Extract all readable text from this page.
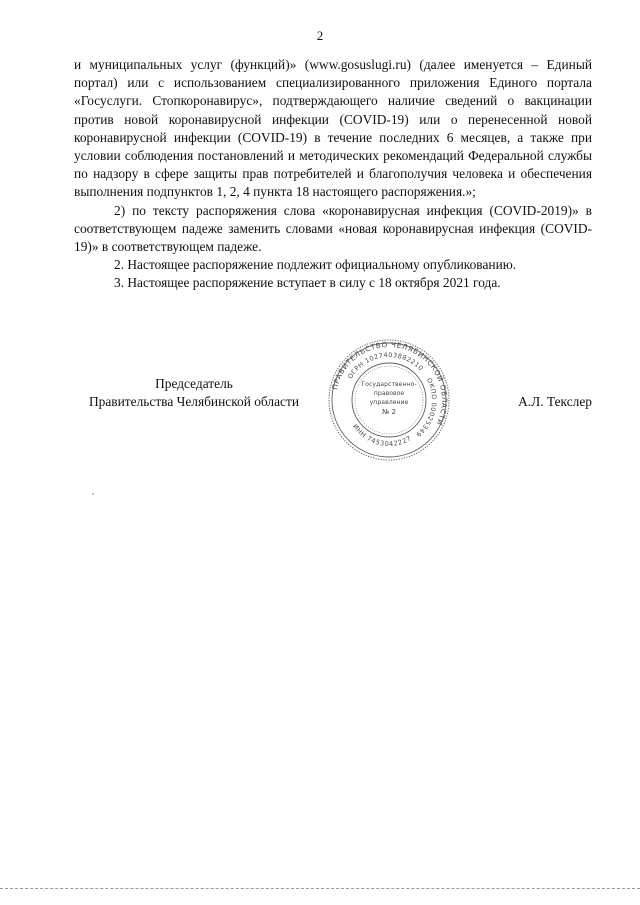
2

и муниципальных услуг (функций)» (www.gosuslugi.ru) (далее именуется – Единый портал) или с использованием специализированного приложения Единого портала «Госуслуги. Стопкоронавирус», подтверждающего наличие сведений о вакцинации против новой коронавирусной инфекции (COVID-19) или о перенесенной новой коронавирусной инфекции (COVID-19) в течение последних 6 месяцев, а также при условии соблюдения постановлений и методических рекомендаций Федеральной службы по надзору в сфере защиты прав потребителей и благополучия человека и обеспечения выполнения подпунктов 1, 2, 4 пункта 18 настоящего распоряжения.»;

2) по тексту распоряжения слова «коронавирусная инфекция (COVID-2019)» в соответствующем падеже заменить словами «новая коронавирусная инфекция (COVID-19)» в соответствующем падеже.

2. Настоящее распоряжение подлежит официальному опубликованию.

3. Настоящее распоряжение вступает в силу с 18 октября 2021 года.

Председатель
Правительства Челябинской области
ПРАВИТЕЛЬСТВО ЧЕЛЯБИНСКОЙ ОБЛАСТИ
ОГРН 1027403882210
ОКПО 00025349
ИНН 7453042227
Государственно-
правовое
управление
№ 2
А.Л. Текслер
